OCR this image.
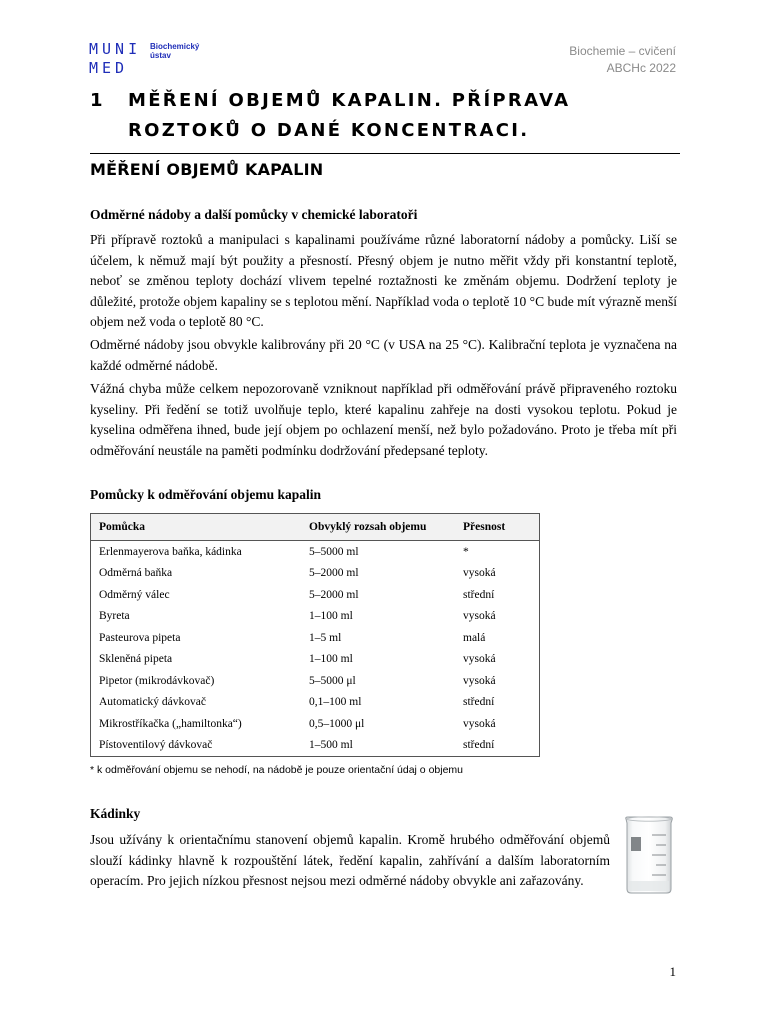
MUNI
MED
Biochemický ústav	Biochemie – cvičení
ABCHc 2022
1 MĚŘENÍ OBJEMŮ KAPALIN. PŘÍPRAVA ROZTOKŮ O DANÉ KONCENTRACI.
MĚŘENÍ OBJEMŮ KAPALIN
Odměrné nádoby a další pomůcky v chemické laboratoři
Při přípravě roztoků a manipulaci s kapalinami používáme různé laboratorní nádoby a pomůcky. Liší se účelem, k němuž mají být použity a přesností. Přesný objem je nutno měřit vždy při konstantní teplotě, neboť se změnou teploty dochází vlivem tepelné roztažnosti ke změnám objemu. Dodržení teploty je důležité, protože objem kapaliny se s teplotou mění. Například voda o teplotě 10 °C bude mít výrazně menší objem než voda o teplotě 80 °C.
Odměrné nádoby jsou obvykle kalibrovány při 20 °C (v USA na 25 °C). Kalibrační teplota je vyznačena na každé odměrné nádobě.
Vážná chyba může celkem nepozorovaně vzniknout například při odměřování právě připraveného roztoku kyseliny. Při ředění se totiž uvolňuje teplo, které kapalinu zahřeje na dosti vysokou teplotu. Pokud je kyselina odměřena ihned, bude její objem po ochlazení menší, než bylo požadováno. Proto je třeba mít při odměřování neustále na paměti podmínku dodržování předepsané teploty.
Pomůcky k odměřování objemu kapalin
Pomůcka	Obvyklý rozsah objemu	Přesnost
Erlenmayerova baňka, kádinka	5–5000 ml	*
Odměrná baňka	5–2000 ml	vysoká
Odměrný válec	5–2000 ml	střední
Byreta	1–100 ml	vysoká
Pasteurova pipeta	1–5 ml	malá
Skleněná pipeta	1–100 ml	vysoká
Pipetor (mikrodávkovač)	5–5000 μl	vysoká
Automatický dávkovač	0,1–100 ml	střední
Mikrostříkačka („hamiltonka“)	0,5–1000 μl	vysoká
Pístoventilový dávkovač	1–500 ml	střední
* k odměřování objemu se nehodí, na nádobě je pouze orientační údaj o objemu
Kádinky
Jsou užívány k orientačnímu stanovení objemů kapalin. Kromě hrubého odměřování objemů slouží kádinky hlavně k rozpouštění látek, ředění kapalin, zahřívání a dalším laboratorním operacím. Pro jejich nízkou přesnost nejsou mezi odměrné nádoby obvykle ani zařazovány.
1
